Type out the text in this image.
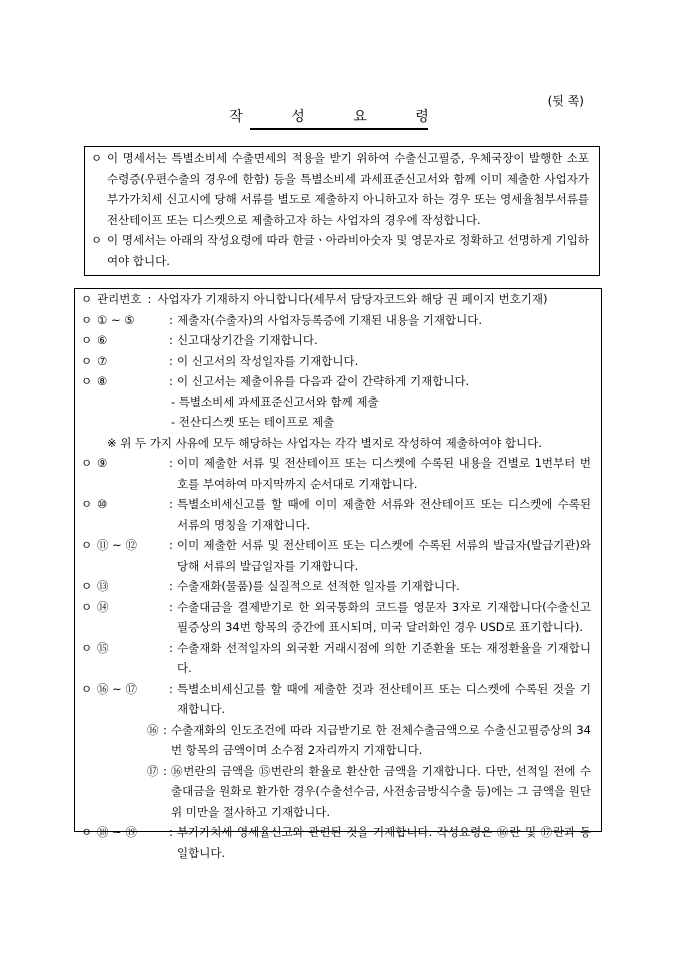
(뒷 쪽)
작 성 요 령
ㅇ 이 명세서는 특별소비세 수출면세의 적용을 받기 위하여 수출신고필증, 우체국장이 발행한 소포수령증(우편수출의 경우에 한함) 등을 특별소비세 과세표준신고서와 함께 이미 제출한 사업자가 부가가치세 신고시에 당해 서류를 별도로 제출하지 아니하고자 하는 경우 또는 영세율첨부서류를 전산테이프 또는 디스켓으로 제출하고자 하는 사업자의 경우에 작성합니다.
ㅇ 이 명세서는 아래의 작성요령에 따라 한글ㆍ아라비아숫자 및 영문자로 정확하고 선명하게 기입하여야 합니다.
ㅇ 관리번호 : 사업자가 기재하지 아니합니다(세무서 담당자코드와 해당 권 페이지 번호기재)
ㅇ ① ~ ⑤	: 제출자(수출자)의 사업자등록증에 기재된 내용을 기재합니다.
ㅇ ⑥	: 신고대상기간을 기재합니다.
ㅇ ⑦	: 이 신고서의 작성일자를 기재합니다.
ㅇ ⑧	: 이 신고서는 제출이유를 다음과 같이 간략하게 기재합니다.
- 특별소비세 과세표준신고서와 함께 제출
- 전산디스켓 또는 테이프로 제출
※ 위 두 가지 사유에 모두 해당하는 사업자는 각각 별지로 작성하여 제출하여야 합니다.
ㅇ ⑨	: 이미 제출한 서류 및 전산테이프 또는 디스켓에 수록된 내용을 건별로 1번부터 번호를 부여하여 마지막까지 순서대로 기재합니다.
ㅇ ⑩	: 특별소비세신고를 할 때에 이미 제출한 서류와 전산테이프 또는 디스켓에 수록된 서류의 명칭을 기재합니다.
ㅇ ⑪ ~ ⑫	: 이미 제출한 서류 및 전산테이프 또는 디스켓에 수록된 서류의 발급자(발급기관)와 당해 서류의 발급일자를 기재합니다.
ㅇ ⑬	: 수출재화(물품)를 실질적으로 선적한 일자를 기재합니다.
ㅇ ⑭	: 수출대금을 결제받기로 한 외국통화의 코드를 영문자 3자로 기재합니다(수출신고필증상의 34번 항목의 중간에 표시되며, 미국 달러화인 경우 USD로 표기합니다).
ㅇ ⑮	: 수출재화 선적일자의 외국환 거래시점에 의한 기준환율 또는 재정환율을 기재합니다.
ㅇ ⑯ ~ ⑰	: 특별소비세신고를 할 때에 제출한 것과 전산테이프 또는 디스켓에 수록된 것을 기재합니다.
⑯ : 수출재화의 인도조건에 따라 지급받기로 한 전체수출금액으로 수출신고필증상의 34번 항목의 금액이며 소수점 2자리까지 기재합니다.
⑰ : ⑯번란의 금액을 ⑮번란의 환율로 환산한 금액을 기재합니다. 다만, 선적일 전에 수출대금을 원화로 환가한 경우(수출선수금, 사전송금방식수출 등)에는 그 금액을 원단위 미만을 절사하고 기재합니다.
ㅇ ⑱ ~ ⑲	: 부가가치세 영세율신고와 관련된 것을 기재합니다. 작성요령은 ⑯란 및 ⑰란과 동일합니다.
